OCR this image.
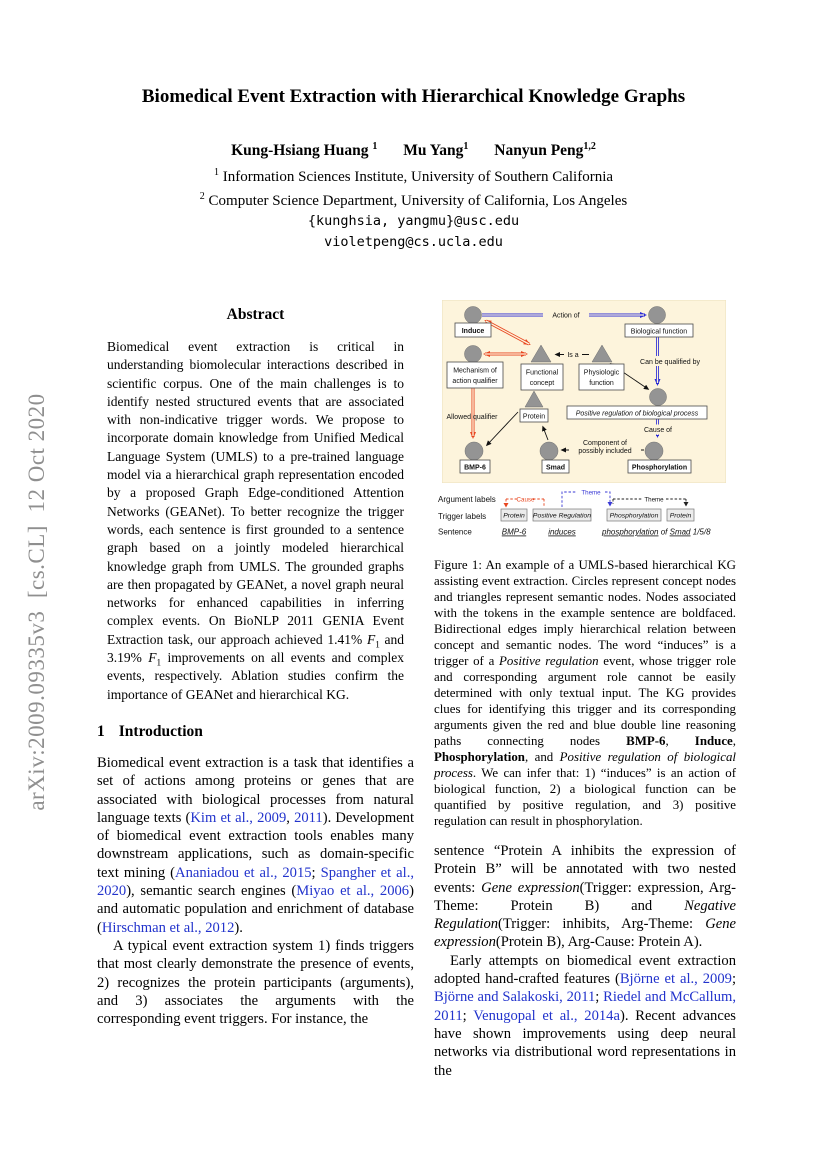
arXiv:2009.09335v3  [cs.CL]  12 Oct 2020
Biomedical Event Extraction with Hierarchical Knowledge Graphs
Kung-Hsiang Huang $^1$ Mu Yang$^1$ Nanyun Peng$^{1,2}$
$^1$ Information Sciences Institute, University of Southern California
$^2$ Computer Science Department, University of California, Los Angeles
{kunghsia, yangmu}@usc.edu
violetpeng@cs.ucla.edu
Abstract
Biomedical event extraction is critical in understanding biomolecular interactions described in scientific corpus. One of the main challenges is to identify nested structured events that are associated with non-indicative trigger words. We propose to incorporate domain knowledge from Unified Medical Language System (UMLS) to a pre-trained language model via a hierarchical graph representation encoded by a proposed Graph Edge-conditioned Attention Networks (GEANet). To better recognize the trigger words, each sentence is first grounded to a sentence graph based on a jointly modeled hierarchical knowledge graph from UMLS. The grounded graphs are then propagated by GEANet, a novel graph neural networks for enhanced capabilities in inferring complex events. On BioNLP 2011 GENIA Event Extraction task, our approach achieved 1.41% $F_1$ and 3.19% $F_1$ improvements on all events and complex events, respectively. Ablation studies confirm the importance of GEANet and hierarchical KG.
1 Introduction

Biomedical event extraction is a task that identifies a set of actions among proteins or genes that are associated with biological processes from natural language texts (Kim et al., 2009, 2011). Development of biomedical event extraction tools enables many downstream applications, such as domain-specific text mining (Ananiadou et al., 2015; Spangher et al., 2020), semantic search engines (Miyao et al., 2006) and automatic population and enrichment of database (Hirschman et al., 2012).

A typical event extraction system 1) finds triggers that most clearly demonstrate the presence of events, 2) recognizes the protein participants (arguments), and 3) associates the arguments with the corresponding event triggers. For instance, the

Induce	Biological function
Mechanism of
action qualifier
Functional
concept
Physiologic
function
Positive regulation of biological process
Protein
BMP-6	Smad	Phosphorylation
Action of
Is a
Can be qualified by
Allowed qualifier
Cause of
Component of
possibly included
Argument labels
Trigger labels
Sentence
Cause
Theme
Theme
Protein Positive Regulation	Phosphorylation Protein
BMP-6	induces	phosphorylation of Smad 1/5/8
Figure 1: An example of a UMLS-based hierarchical KG assisting event extraction. Circles represent concept nodes and triangles represent semantic nodes. Nodes associated with the tokens in the example sentence are boldfaced. Bidirectional edges imply hierarchical relation between concept and semantic nodes. The word “induces” is a trigger of a Positive regulation event, whose trigger role and corresponding argument role cannot be easily determined with only textual input. The KG provides clues for identifying this trigger and its corresponding arguments given the red and blue double line reasoning paths connecting nodes BMP-6, Induce, Phosphorylation, and Positive regulation of biological process. We can infer that: 1) “induces” is an action of biological function, 2) a biological function can be quantified by positive regulation, and 3) positive regulation can result in phosphorylation.

sentence “Protein A inhibits the expression of Protein B” will be annotated with two nested events: Gene expression(Trigger: expression, Arg-Theme: Protein B) and Negative Regulation(Trigger: inhibits, Arg-Theme: Gene expression(Protein B), Arg-Cause: Protein A).

Early attempts on biomedical event extraction adopted hand-crafted features (Björne et al., 2009; Björne and Salakoski, 2011; Riedel and McCallum, 2011; Venugopal et al., 2014a). Recent advances have shown improvements using deep neural networks via distributional word representations in the
